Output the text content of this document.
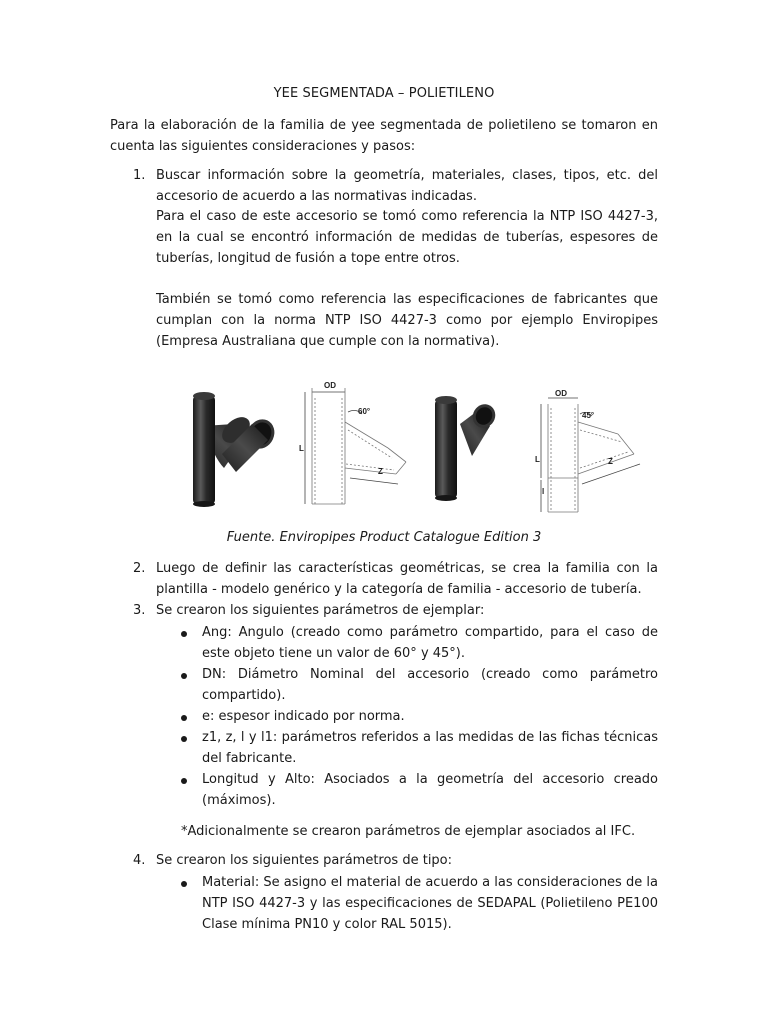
YEE SEGMENTADA – POLIETILENO
Para la elaboración de la familia de yee segmentada de polietileno se tomaron en cuenta las siguientes consideraciones y pasos:
1. Buscar información sobre la geometría, materiales, clases, tipos, etc. del accesorio de acuerdo a las normativas indicadas.
Para el caso de este accesorio se tomó como referencia la NTP ISO 4427-3, en la cual se encontró información de medidas de tuberías, espesores de tuberías, longitud de fusión a tope entre otros.
También se tomó como referencia las especificaciones de fabricantes que cumplan con la norma NTP ISO 4427-3 como por ejemplo Enviropipes (Empresa Australiana que cumple con la normativa).
OD
60°
L
Z
OD
45°
L	Z
l
Fuente. Enviropipes Product Catalogue Edition 3
2. Luego de definir las características geométricas, se crea la familia con la plantilla - modelo genérico y la categoría de familia - accesorio de tubería.
3. Se crearon los siguientes parámetros de ejemplar:
Ang: Angulo (creado como parámetro compartido, para el caso de este objeto tiene un valor de 60° y 45°).
DN: Diámetro Nominal del accesorio (creado como parámetro compartido).
e: espesor indicado por norma.
z1, z, l y l1: parámetros referidos a las medidas de las fichas técnicas del fabricante.
Longitud y Alto: Asociados a la geometría del accesorio creado (máximos).
*Adicionalmente se crearon parámetros de ejemplar asociados al IFC.
4. Se crearon los siguientes parámetros de tipo:
Material: Se asigno el material de acuerdo a las consideraciones de la NTP ISO 4427-3 y las especificaciones de SEDAPAL (Polietileno PE100 Clase mínima PN10 y color RAL 5015).
